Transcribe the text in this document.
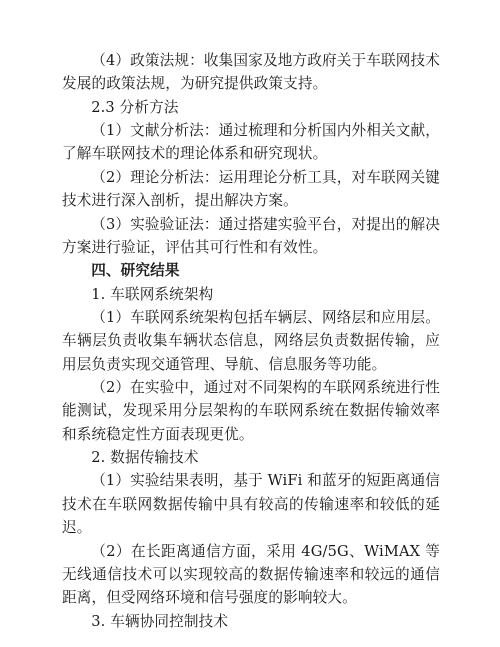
（4）政策法规：收集国家及地方政府关于车联网技术发展的政策法规，为研究提供政策支持。

2.3 分析方法

（1）文献分析法：通过梳理和分析国内外相关文献，了解车联网技术的理论体系和研究现状。

（2）理论分析法：运用理论分析工具，对车联网关键技术进行深入剖析，提出解决方案。

（3）实验验证法：通过搭建实验平台，对提出的解决方案进行验证，评估其可行性和有效性。

四、研究结果

1. 车联网系统架构

（1）车联网系统架构包括车辆层、网络层和应用层。车辆层负责收集车辆状态信息，网络层负责数据传输，应用层负责实现交通管理、导航、信息服务等功能。

（2）在实验中，通过对不同架构的车联网系统进行性能测试，发现采用分层架构的车联网系统在数据传输效率和系统稳定性方面表现更优。

2. 数据传输技术

（1）实验结果表明，基于 WiFi 和蓝牙的短距离通信技术在车联网数据传输中具有较高的传输速率和较低的延迟。

（2）在长距离通信方面，采用 4G/5G、WiMAX 等无线通信技术可以实现较高的数据传输速率和较远的通信距离，但受网络环境和信号强度的影响较大。

3. 车辆协同控制技术
